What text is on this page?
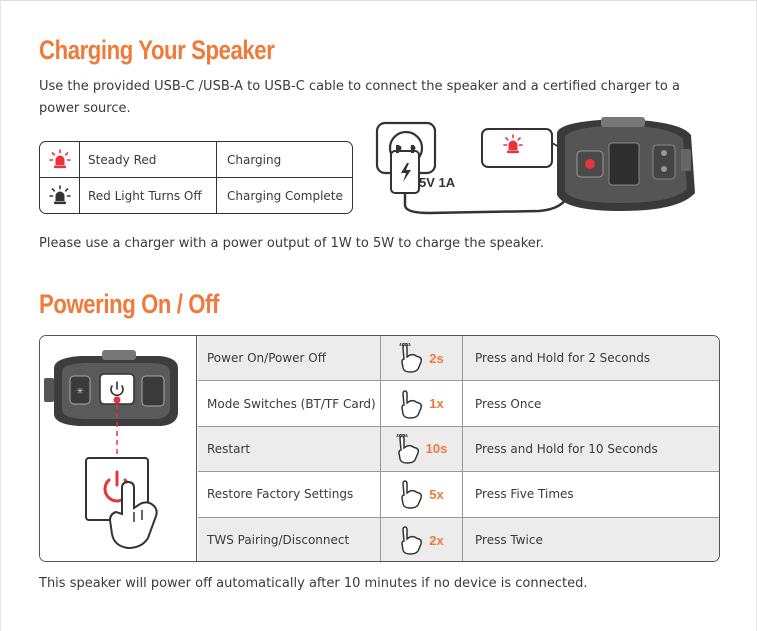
Charging Your Speaker
Use the provided USB-C /USB-A to USB-C cable to connect the speaker and a certified charger to a
power source.
Steady Red	Charging
Red Light Turns Off	Charging Complete
5V 1A
Please use a charger with a power output of 1W to 5W to charge the speaker.
Powering On / Off
✳
Power On/Power Off	2s	Press and Hold for 2 Seconds
Mode Switches (BT/TF Card)	1x	Press Once
Restart	10s	Press and Hold for 10 Seconds
Restore Factory Settings	5x	Press Five Times
TWS Pairing/Disconnect	2x	Press Twice
This speaker will power off automatically after 10 minutes if no device is connected.
